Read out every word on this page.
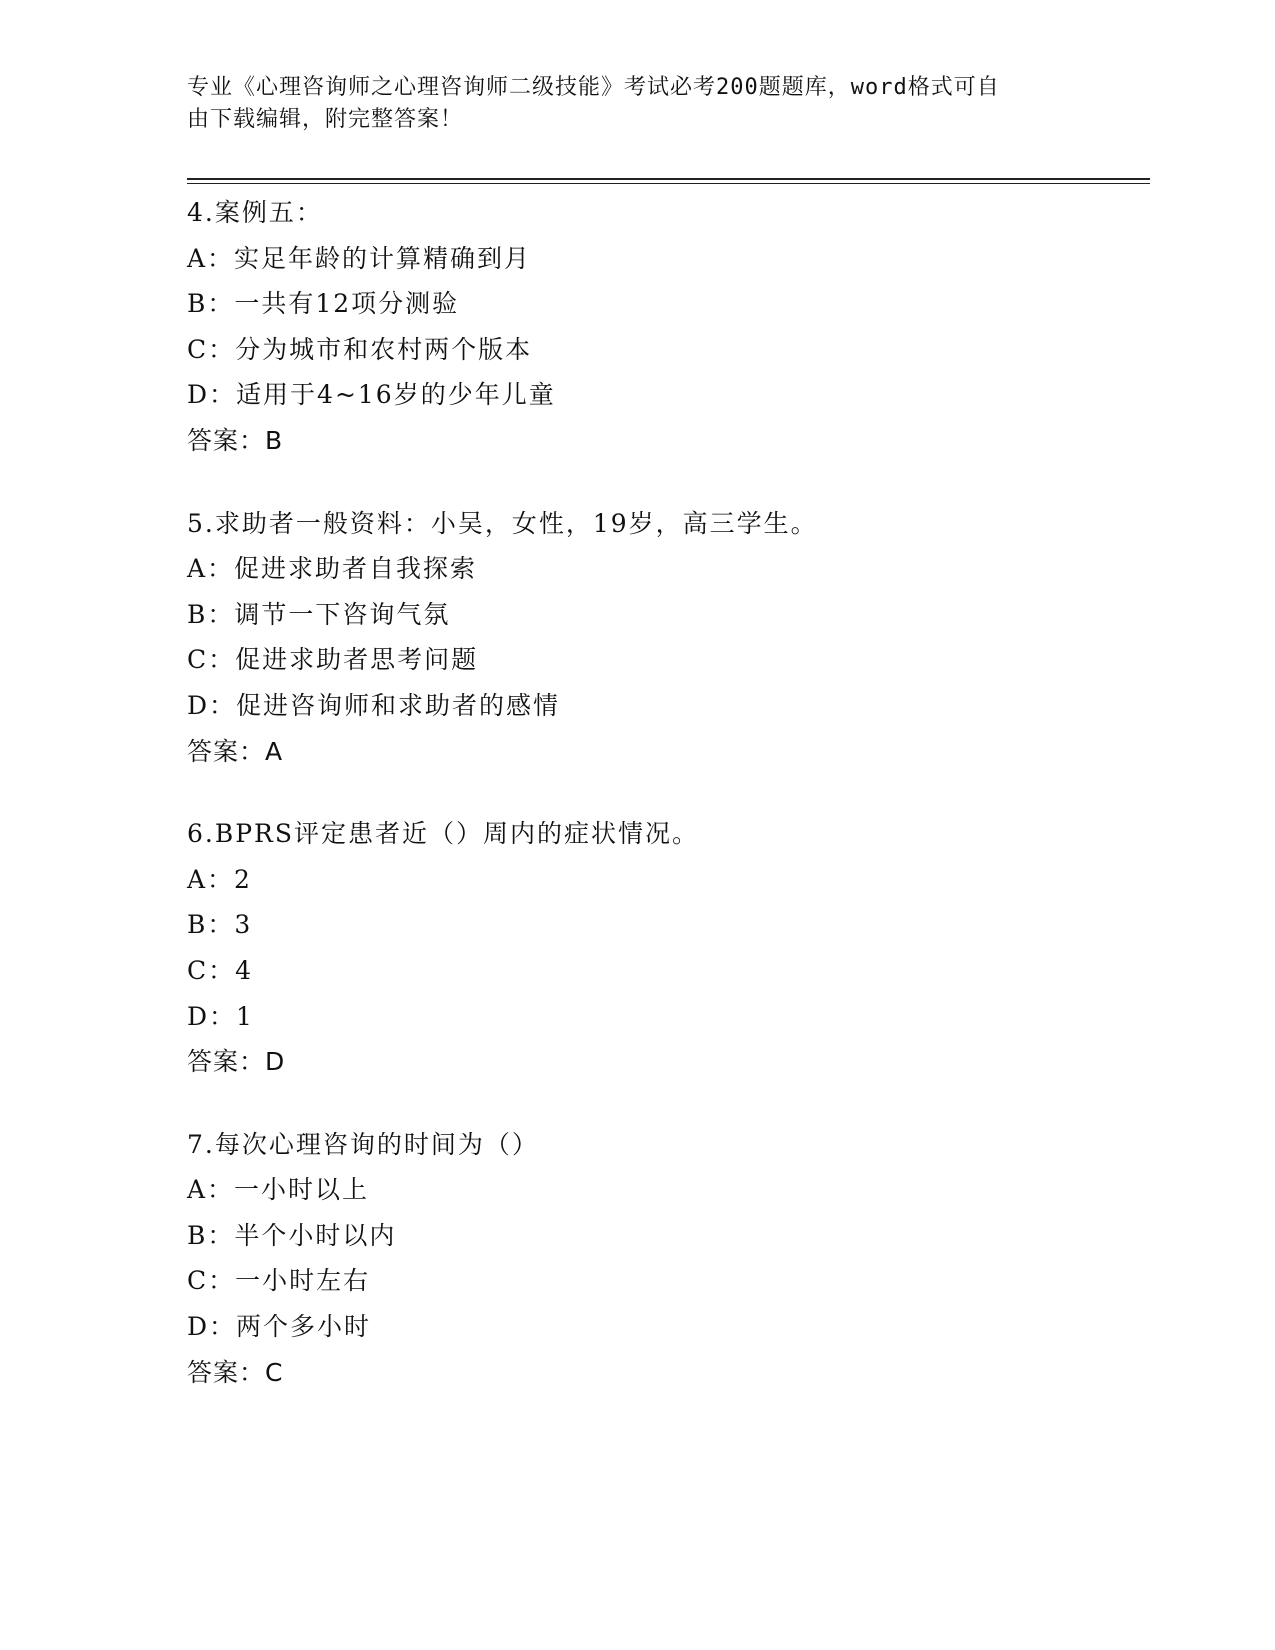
专业《心理咨询师之心理咨询师二级技能》考试必考200题题库，word格式可自
由下载编辑，附完整答案！
4.案例五：
A：实足年龄的计算精确到月
B：一共有12项分测验
C：分为城市和农村两个版本
D：适用于4~16岁的少年儿童
答案：B
5.求助者一般资料：小吴，女性，19岁，高三学生。
A：促进求助者自我探索
B：调节一下咨询气氛
C：促进求助者思考问题
D：促进咨询师和求助者的感情
答案：A
6.BPRS评定患者近（）周内的症状情况。
A：2
B：3
C：4
D：1
答案：D
7.每次心理咨询的时间为（）
A：一小时以上
B：半个小时以内
C：一小时左右
D：两个多小时
答案：C
